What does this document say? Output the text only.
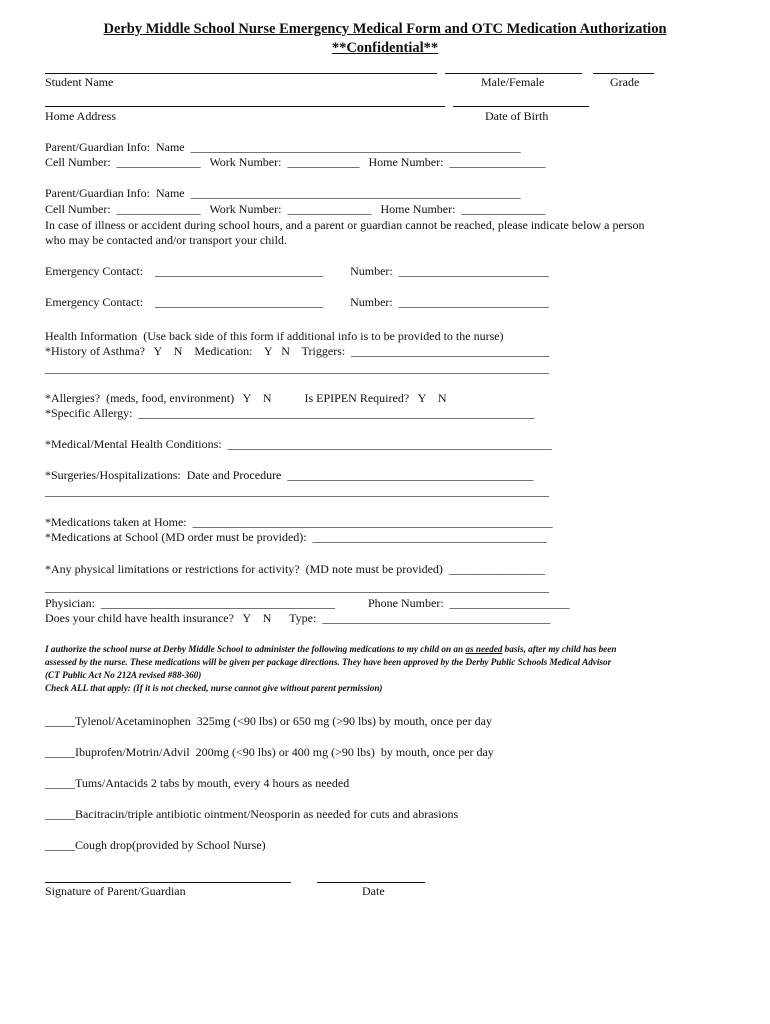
Derby Middle School Nurse Emergency Medical Form and OTC Medication Authorization
**Confidential**
Student Name	Male/Female	Grade
Home Address	Date of Birth
Parent/Guardian Info:  Name  _______________________________________________________
Cell Number:  ______________   Work Number:  ____________   Home Number:  ________________
Parent/Guardian Info:  Name  _______________________________________________________
Cell Number:  ______________   Work Number:  ______________   Home Number:  ______________
In case of illness or accident during school hours, and a parent or guardian cannot be reached, please indicate below a person
who may be contacted and/or transport your child.
Emergency Contact:    ____________________________         Number:  _________________________
Emergency Contact:    ____________________________         Number:  _________________________
Health Information  (Use back side of this form if additional info is to be provided to the nurse)
*History of Asthma?   Y    N    Medication:    Y   N    Triggers:  _________________________________
____________________________________________________________________________________
*Allergies?  (meds, food, environment)   Y    N           Is EPIPEN Required?   Y    N
*Specific Allergy:  __________________________________________________________________
*Medical/Mental Health Conditions:  ______________________________________________________
*Surgeries/Hospitalizations:  Date and Procedure  _________________________________________
____________________________________________________________________________________
*Medications taken at Home:  ____________________________________________________________
*Medications at School (MD order must be provided):  _______________________________________
*Any physical limitations or restrictions for activity?  (MD note must be provided)  ________________
____________________________________________________________________________________
Physician:  _______________________________________           Phone Number:  ____________________
Does your child have health insurance?   Y    N      Type:  ______________________________________
I authorize the school nurse at Derby Middle School to administer the following medications to my child on an as needed basis, after my child has been
assessed by the nurse. These medications will be given per package directions. They have been approved by the Derby Public Schools Medical Advisor
(CT Public Act No 212A revised #88-360)
Check ALL that apply: (If it is not checked, nurse cannot give without parent permission)
_____Tylenol/Acetaminophen  325mg (<90 lbs) or 650 mg (>90 lbs) by mouth, once per day
_____Ibuprofen/Motrin/Advil  200mg (<90 lbs) or 400 mg (>90 lbs)  by mouth, once per day
_____Tums/Antacids 2 tabs by mouth, every 4 hours as needed
_____Bacitracin/triple antibiotic ointment/Neosporin as needed for cuts and abrasions
_____Cough drop(provided by School Nurse)
Signature of Parent/Guardian	Date
